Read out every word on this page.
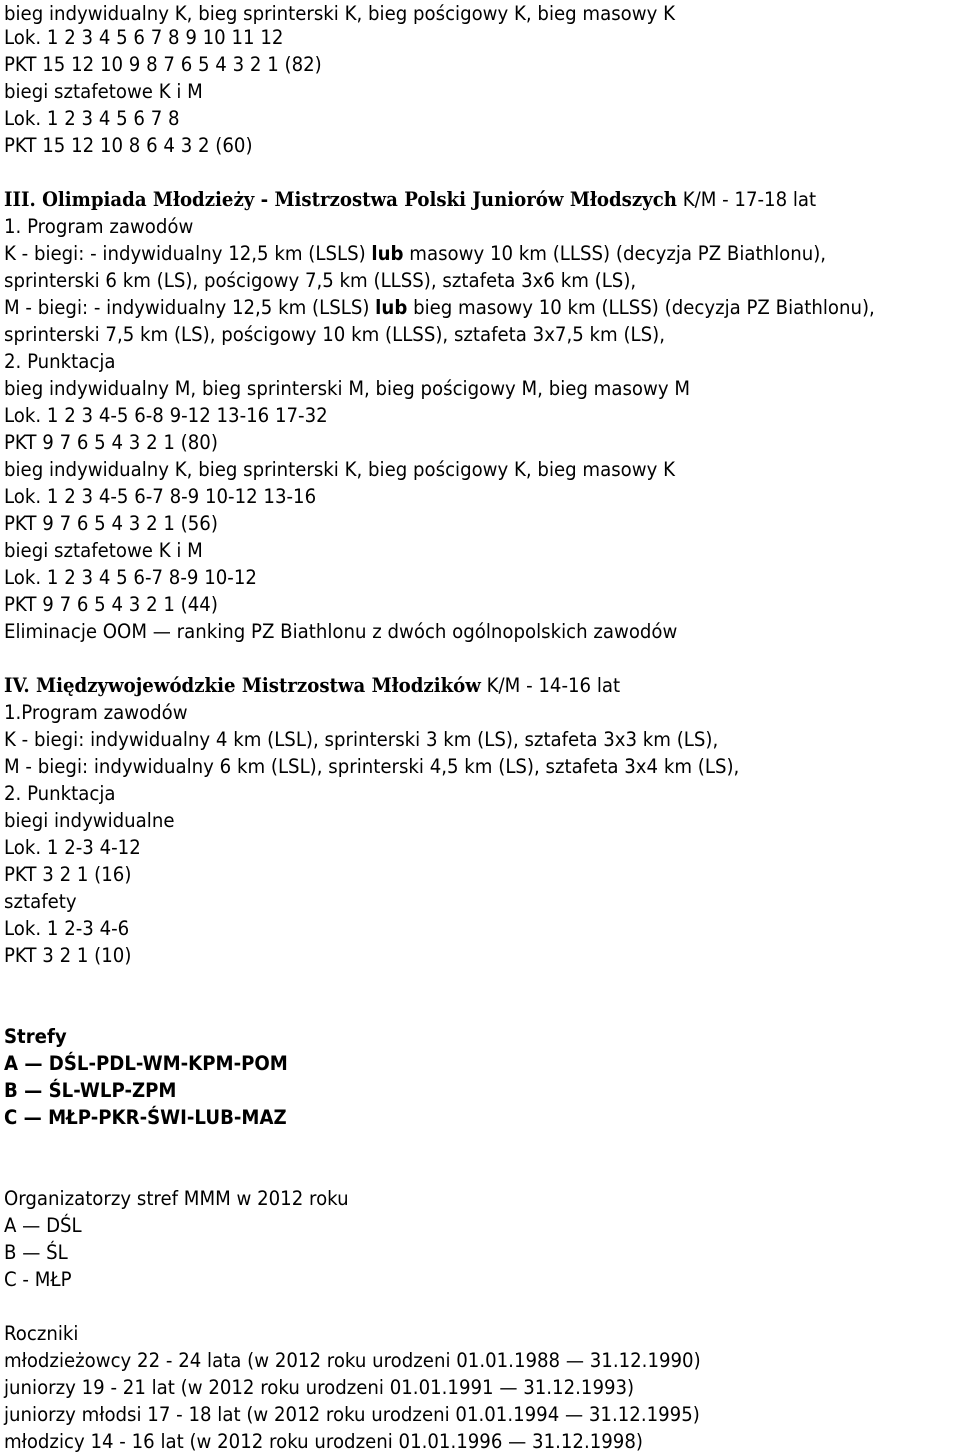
bieg indywidualny K, bieg sprinterski K, bieg pościgowy K, bieg masowy K
Lok. 1 2 3 4 5 6 7 8 9 10 11 12
PKT 15 12 10 9 8 7 6 5 4 3 2 1 (82)
biegi sztafetowe K i M
Lok. 1 2 3 4 5 6 7 8
PKT 15 12 10 8 6 4 3 2 (60)
III. Olimpiada Młodzieży - Mistrzostwa Polski Juniorów Młodszych K/M - 17-18 lat
1. Program zawodów
K - biegi: - indywidualny 12,5 km (LSLS) lub masowy 10 km (LLSS) (decyzja PZ Biathlonu),
sprinterski 6 km (LS), pościgowy 7,5 km (LLSS), sztafeta 3x6 km (LS),
M - biegi: - indywidualny 12,5 km (LSLS) lub bieg masowy 10 km (LLSS) (decyzja PZ Biathlonu),
sprinterski 7,5 km (LS), pościgowy 10 km (LLSS), sztafeta 3x7,5 km (LS),
2. Punktacja
bieg indywidualny M, bieg sprinterski M, bieg pościgowy M, bieg masowy M
Lok. 1 2 3 4-5 6-8 9-12 13-16 17-32
PKT 9 7 6 5 4 3 2 1 (80)
bieg indywidualny K, bieg sprinterski K, bieg pościgowy K, bieg masowy K
Lok. 1 2 3 4-5 6-7 8-9 10-12 13-16
PKT 9 7 6 5 4 3 2 1 (56)
biegi sztafetowe K i M
Lok. 1 2 3 4 5 6-7 8-9 10-12
PKT 9 7 6 5 4 3 2 1 (44)
Eliminacje OOM — ranking PZ Biathlonu z dwóch ogólnopolskich zawodów
IV. Międzywojewódzkie Mistrzostwa Młodzików K/M - 14-16 lat
1.Program zawodów
K - biegi: indywidualny 4 km (LSL), sprinterski 3 km (LS), sztafeta 3x3 km (LS),
M - biegi: indywidualny 6 km (LSL), sprinterski 4,5 km (LS), sztafeta 3x4 km (LS),
2. Punktacja
biegi indywidualne
Lok. 1 2-3 4-12
PKT 3 2 1 (16)
sztafety
Lok. 1 2-3 4-6
PKT 3 2 1 (10)
Strefy
A — DŚL-PDL-WM-KPM-POM
B — ŚL-WLP-ZPM
C — MŁP-PKR-ŚWI-LUB-MAZ
Organizatorzy stref MMM w 2012 roku
A — DŚL
B — ŚL
C - MŁP
Roczniki
młodzieżowcy 22 - 24 lata (w 2012 roku urodzeni 01.01.1988 — 31.12.1990)
juniorzy 19 - 21 lat (w 2012 roku urodzeni 01.01.1991 — 31.12.1993)
juniorzy młodsi 17 - 18 lat (w 2012 roku urodzeni 01.01.1994 — 31.12.1995)
młodzicy 14 - 16 lat (w 2012 roku urodzeni 01.01.1996 — 31.12.1998)
